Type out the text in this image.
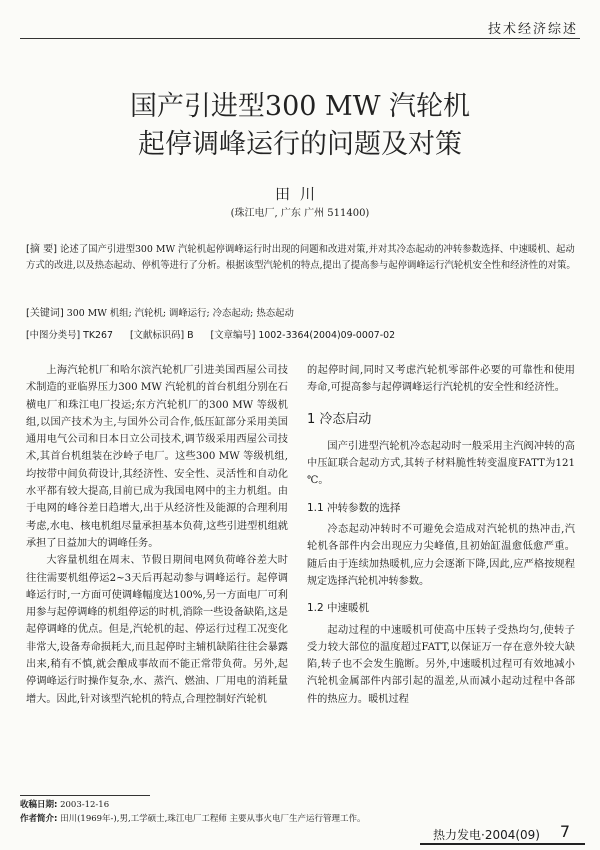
技术经济综述
国产引进型300 MW 汽轮机
起停调峰运行的问题及对策
田川
(珠江电厂, 广东 广州 511400)
[摘 要] 论述了国产引进型300 MW 汽轮机起停调峰运行时出现的问题和改进对策,并对其冷态起动的冲转参数选择、中速暖机、起动方式的改进,以及热态起动、停机等进行了分析。根据该型汽轮机的特点,提出了提高参与起停调峰运行汽轮机安全性和经济性的对策。
[关键词] 300 MW 机组; 汽轮机; 调峰运行; 冷态起动; 热态起动
[中图分类号] TK267 [文献标识码] B [文章编号] 1002-3364(2004)09-0007-02

上海汽轮机厂和哈尔滨汽轮机厂引进美国西屋公司技术制造的亚临界压力300 MW 汽轮机的首台机组分别在石横电厂和珠江电厂投运;东方汽轮机厂的300 MW 等级机组,以国产技术为主,与国外公司合作,低压缸部分采用美国通用电气公司和日本日立公司技术,调节级采用西屋公司技术,其首台机组装在沙岭子电厂。这些300 MW 等级机组,均按带中间负荷设计,其经济性、安全性、灵活性和自动化水平都有较大提高,目前已成为我国电网中的主力机组。由于电网的峰谷差日趋增大,出于从经济性及能源的合理利用考虑,水电、核电机组尽量承担基本负荷,这些引进型机组就承担了日益加大的调峰任务。

大容量机组在周末、节假日期间电网负荷峰谷差大时往往需要机组停运2~3天后再起动参与调峰运行。起停调峰运行时,一方面可使调峰幅度达100%,另一方面电厂可利用参与起停调峰的机组停运的时机,消除一些设备缺陷,这是起停调峰的优点。但是,汽轮机的起、停运行过程工况变化非常大,设备寿命损耗大,而且起停时主辅机缺陷往往会暴露出来,稍有不慎,就会酿成事故而不能正常带负荷。另外,起停调峰运行时操作复杂,水、蒸汽、燃油、厂用电的消耗量增大。因此,针对该型汽轮机的特点,合理控制好汽轮机

的起停时间,同时又考虑汽轮机零部件必要的可靠性和使用寿命,可提高参与起停调峰运行汽轮机的安全性和经济性。

1 冷态启动

国产引进型汽轮机冷态起动时一般采用主汽阀冲转的高中压缸联合起动方式,其转子材料脆性转变温度FATT为121 ℃。

1.1 冲转参数的选择

冷态起动冲转时不可避免会造成对汽轮机的热冲击,汽轮机各部件内会出现应力尖峰值,且初始缸温愈低愈严重。随后由于连续加热暖机,应力会逐渐下降,因此,应严格按规程规定选择汽轮机冲转参数。

1.2 中速暖机

起动过程的中速暖机可使高中压转子受热均匀,使转子受力较大部位的温度超过FATT,以保证万一存在意外较大缺陷,转子也不会发生脆断。另外,中速暖机过程可有效地减小汽轮机金属部件内部引起的温差,从而减小起动过程中各部件的热应力。暖机过程

收稿日期: 2003-12-16
作者简介: 田川(1969年-),男,工学硕士,珠江电厂工程师 主要从事火电厂生产运行管理工作。
热力发电·2004(09) 7
